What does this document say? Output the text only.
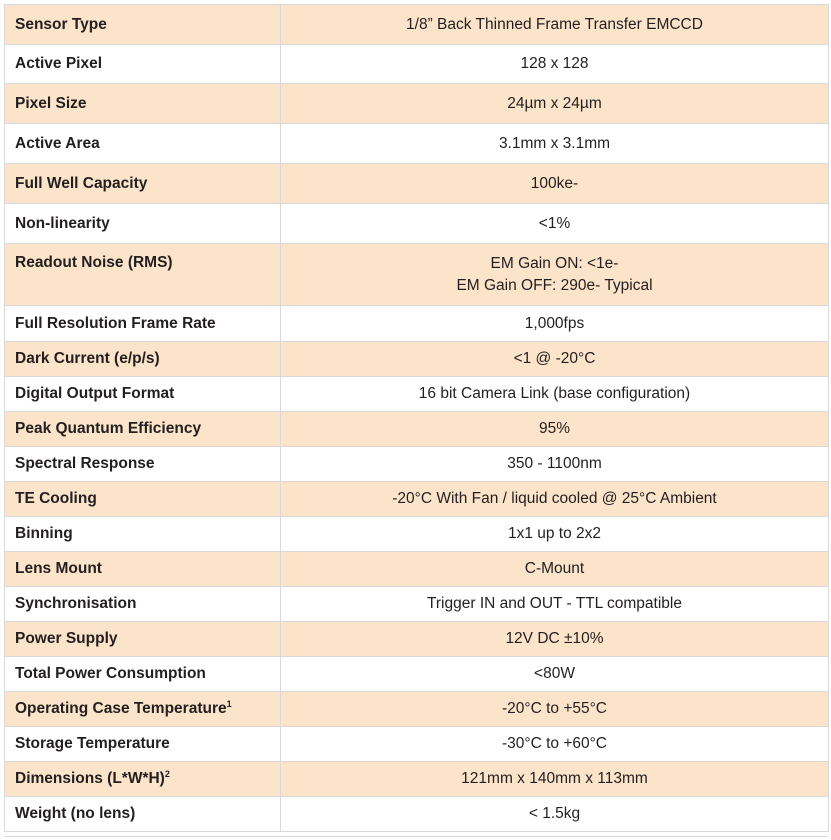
Sensor Type	1/8” Back Thinned Frame Transfer EMCCD
Active Pixel	128 x 128
Pixel Size	24µm x 24µm
Active Area	3.1mm x 3.1mm
Full Well Capacity	100ke-
Non-linearity	<1%
Readout Noise (RMS)	EM Gain ON: <1e-
EM Gain OFF: 290e- Typical

Full Resolution Frame Rate	1,000fps
Dark Current (e/p/s)	<1 @ -20°C
Digital Output Format	16 bit Camera Link (base configuration)
Peak Quantum Efficiency	95%
Spectral Response	350 - 1100nm
TE Cooling	-20°C With Fan / liquid cooled @ 25°C Ambient
Binning	1x1 up to 2x2
Lens Mount	C-Mount
Synchronisation	Trigger IN and OUT - TTL compatible
Power Supply	12V DC ±10%
Total Power Consumption	<80W
Operating Case Temperature$^1$	-20°C to +55°C
Storage Temperature	-30°C to +60°C
Dimensions $(L*W*H)^2$	121mm x 140mm x 113mm
Weight (no lens)	< 1.5kg
